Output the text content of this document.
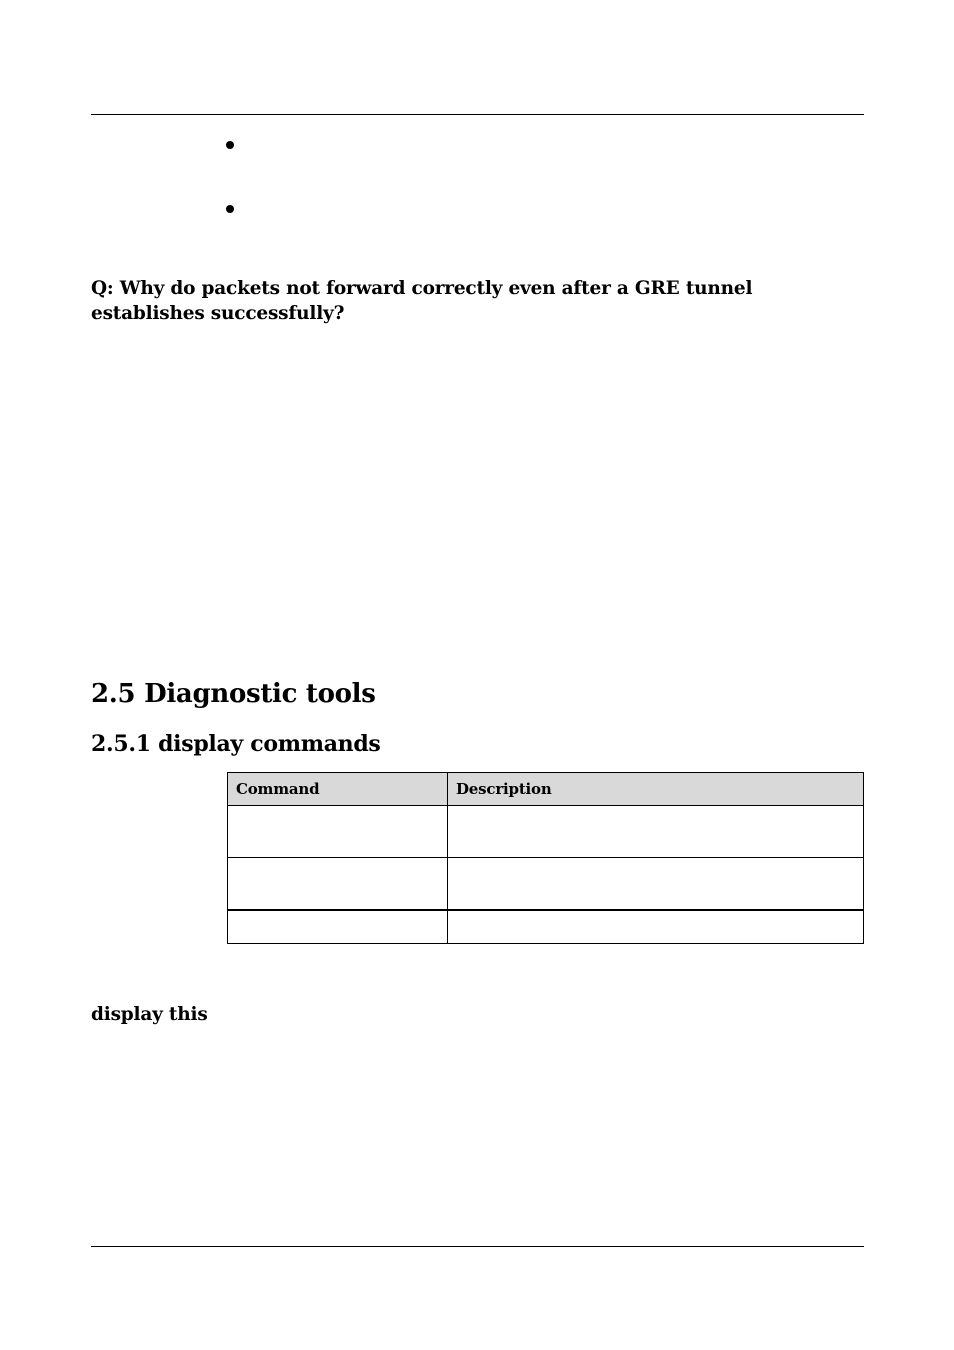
Q: Why do packets not forward correctly even after a GRE tunnel establishes successfully?
2.5 Diagnostic tools
2.5.1 display commands
Command	Description

display this
